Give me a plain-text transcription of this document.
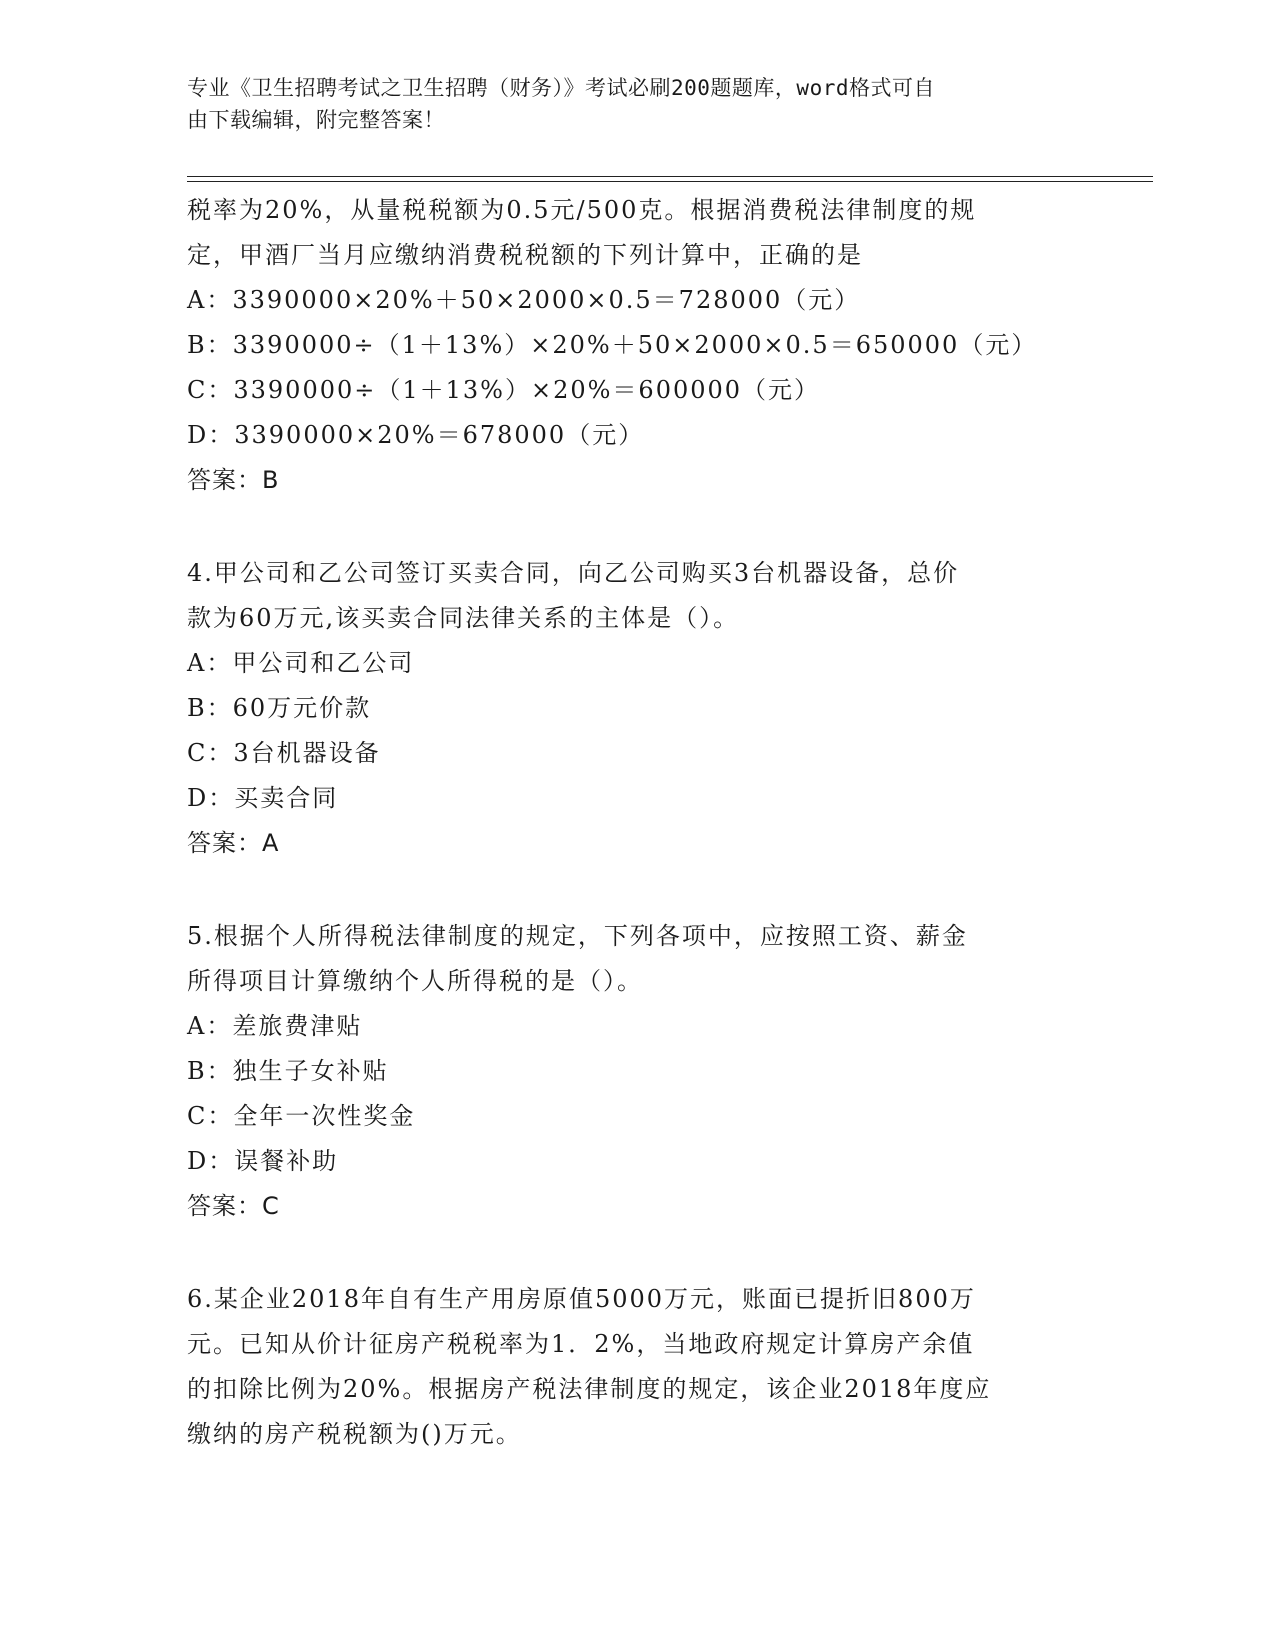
专业《卫生招聘考试之卫生招聘（财务）》考试必刷200题题库，word格式可自
由下载编辑，附完整答案！
税率为20%，从量税税额为0.5元/500克。根据消费税法律制度的规
定，甲酒厂当月应缴纳消费税税额的下列计算中，正确的是
A：3390000×20%＋50×2000×0.5＝728000（元）
B：3390000÷（1＋13%）×20%＋50×2000×0.5＝650000（元）
C：3390000÷（1＋13%）×20%＝600000（元）
D：3390000×20%＝678000（元）
答案：B
4.甲公司和乙公司签订买卖合同，向乙公司购买3台机器设备，总价
款为60万元,该买卖合同法律关系的主体是（）。
A：甲公司和乙公司
B：60万元价款
C：3台机器设备
D：买卖合同
答案：A
5.根据个人所得税法律制度的规定，下列各项中，应按照工资、薪金
所得项目计算缴纳个人所得税的是（）。
A：差旅费津贴
B：独生子女补贴
C：全年一次性奖金
D：误餐补助
答案：C
6.某企业2018年自有生产用房原值5000万元，账面已提折旧800万
元。已知从价计征房产税税率为1．2%，当地政府规定计算房产余值
的扣除比例为20%。根据房产税法律制度的规定，该企业2018年度应
缴纳的房产税税额为()万元。
